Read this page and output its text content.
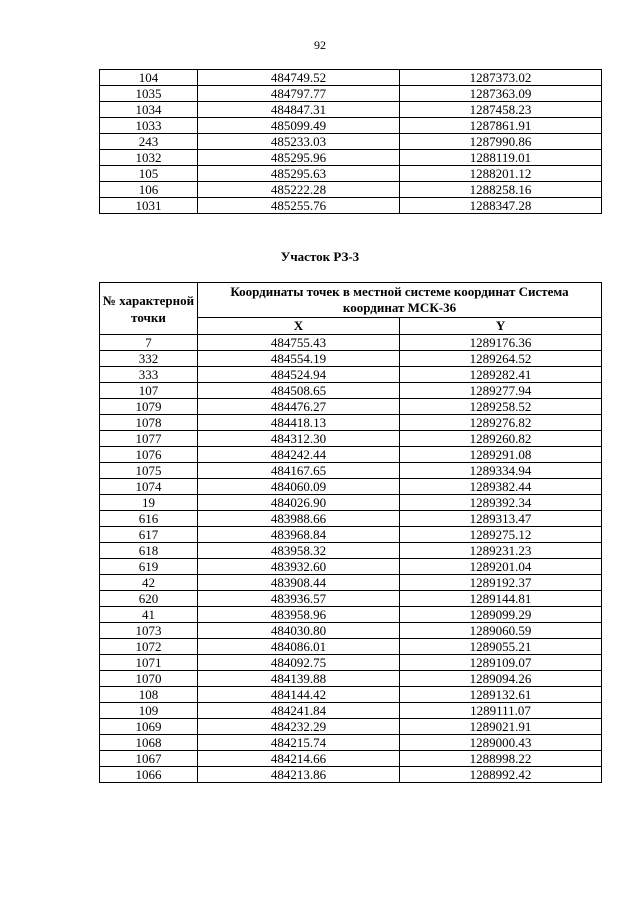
92
104	484749.52	1287373.02
1035	484797.77	1287363.09
1034	484847.31	1287458.23
1033	485099.49	1287861.91
243	485233.03	1287990.86
1032	485295.96	1288119.01
105	485295.63	1288201.12
106	485222.28	1288258.16
1031	485255.76	1288347.28
Участок РЗ-3
№ характерной точки	Координаты точек в местной системе координат Система координат МСК-36	
	X	Y
7	484755.43	1289176.36
332	484554.19	1289264.52
333	484524.94	1289282.41
107	484508.65	1289277.94
1079	484476.27	1289258.52
1078	484418.13	1289276.82
1077	484312.30	1289260.82
1076	484242.44	1289291.08
1075	484167.65	1289334.94
1074	484060.09	1289382.44
19	484026.90	1289392.34
616	483988.66	1289313.47
617	483968.84	1289275.12
618	483958.32	1289231.23
619	483932.60	1289201.04
42	483908.44	1289192.37
620	483936.57	1289144.81
41	483958.96	1289099.29
1073	484030.80	1289060.59
1072	484086.01	1289055.21
1071	484092.75	1289109.07
1070	484139.88	1289094.26
108	484144.42	1289132.61
109	484241.84	1289111.07
1069	484232.29	1289021.91
1068	484215.74	1289000.43
1067	484214.66	1288998.22
1066	484213.86	1288992.42
